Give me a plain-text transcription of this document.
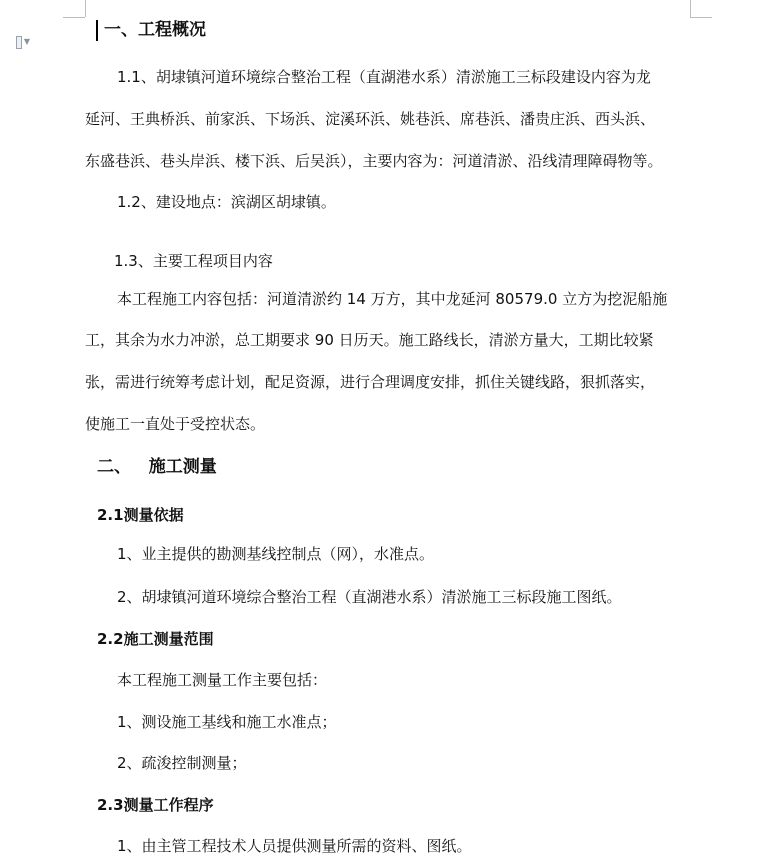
▼
一、工程概况
1.1、胡埭镇河道环境综合整治工程（直湖港水系）清淤施工三标段建设内容为龙
延河、王典桥浜、前家浜、下场浜、淀溪环浜、姚巷浜、席巷浜、潘贵庄浜、西头浜、
东盛巷浜、巷头岸浜、楼下浜、后吴浜），主要内容为：河道清淤、沿线清理障碍物等。
1.2、建设地点：滨湖区胡埭镇。
1.3、主要工程项目内容
本工程施工内容包括：河道清淤约 14 万方，其中龙延河 80579.0 立方为挖泥船施
工，其余为水力冲淤，总工期要求 90 日历天。施工路线长，清淤方量大，工期比较紧
张，需进行统筹考虑计划，配足资源，进行合理调度安排，抓住关键线路，狠抓落实，
使施工一直处于受控状态。
二、   施工测量
2.1测量依据
1、业主提供的勘测基线控制点（网），水准点。
2、胡埭镇河道环境综合整治工程（直湖港水系）清淤施工三标段施工图纸。
2.2施工测量范围
本工程施工测量工作主要包括：
1、测设施工基线和施工水准点；
2、疏浚控制测量；
2.3测量工作程序
1、由主管工程技术人员提供测量所需的资料、图纸。
